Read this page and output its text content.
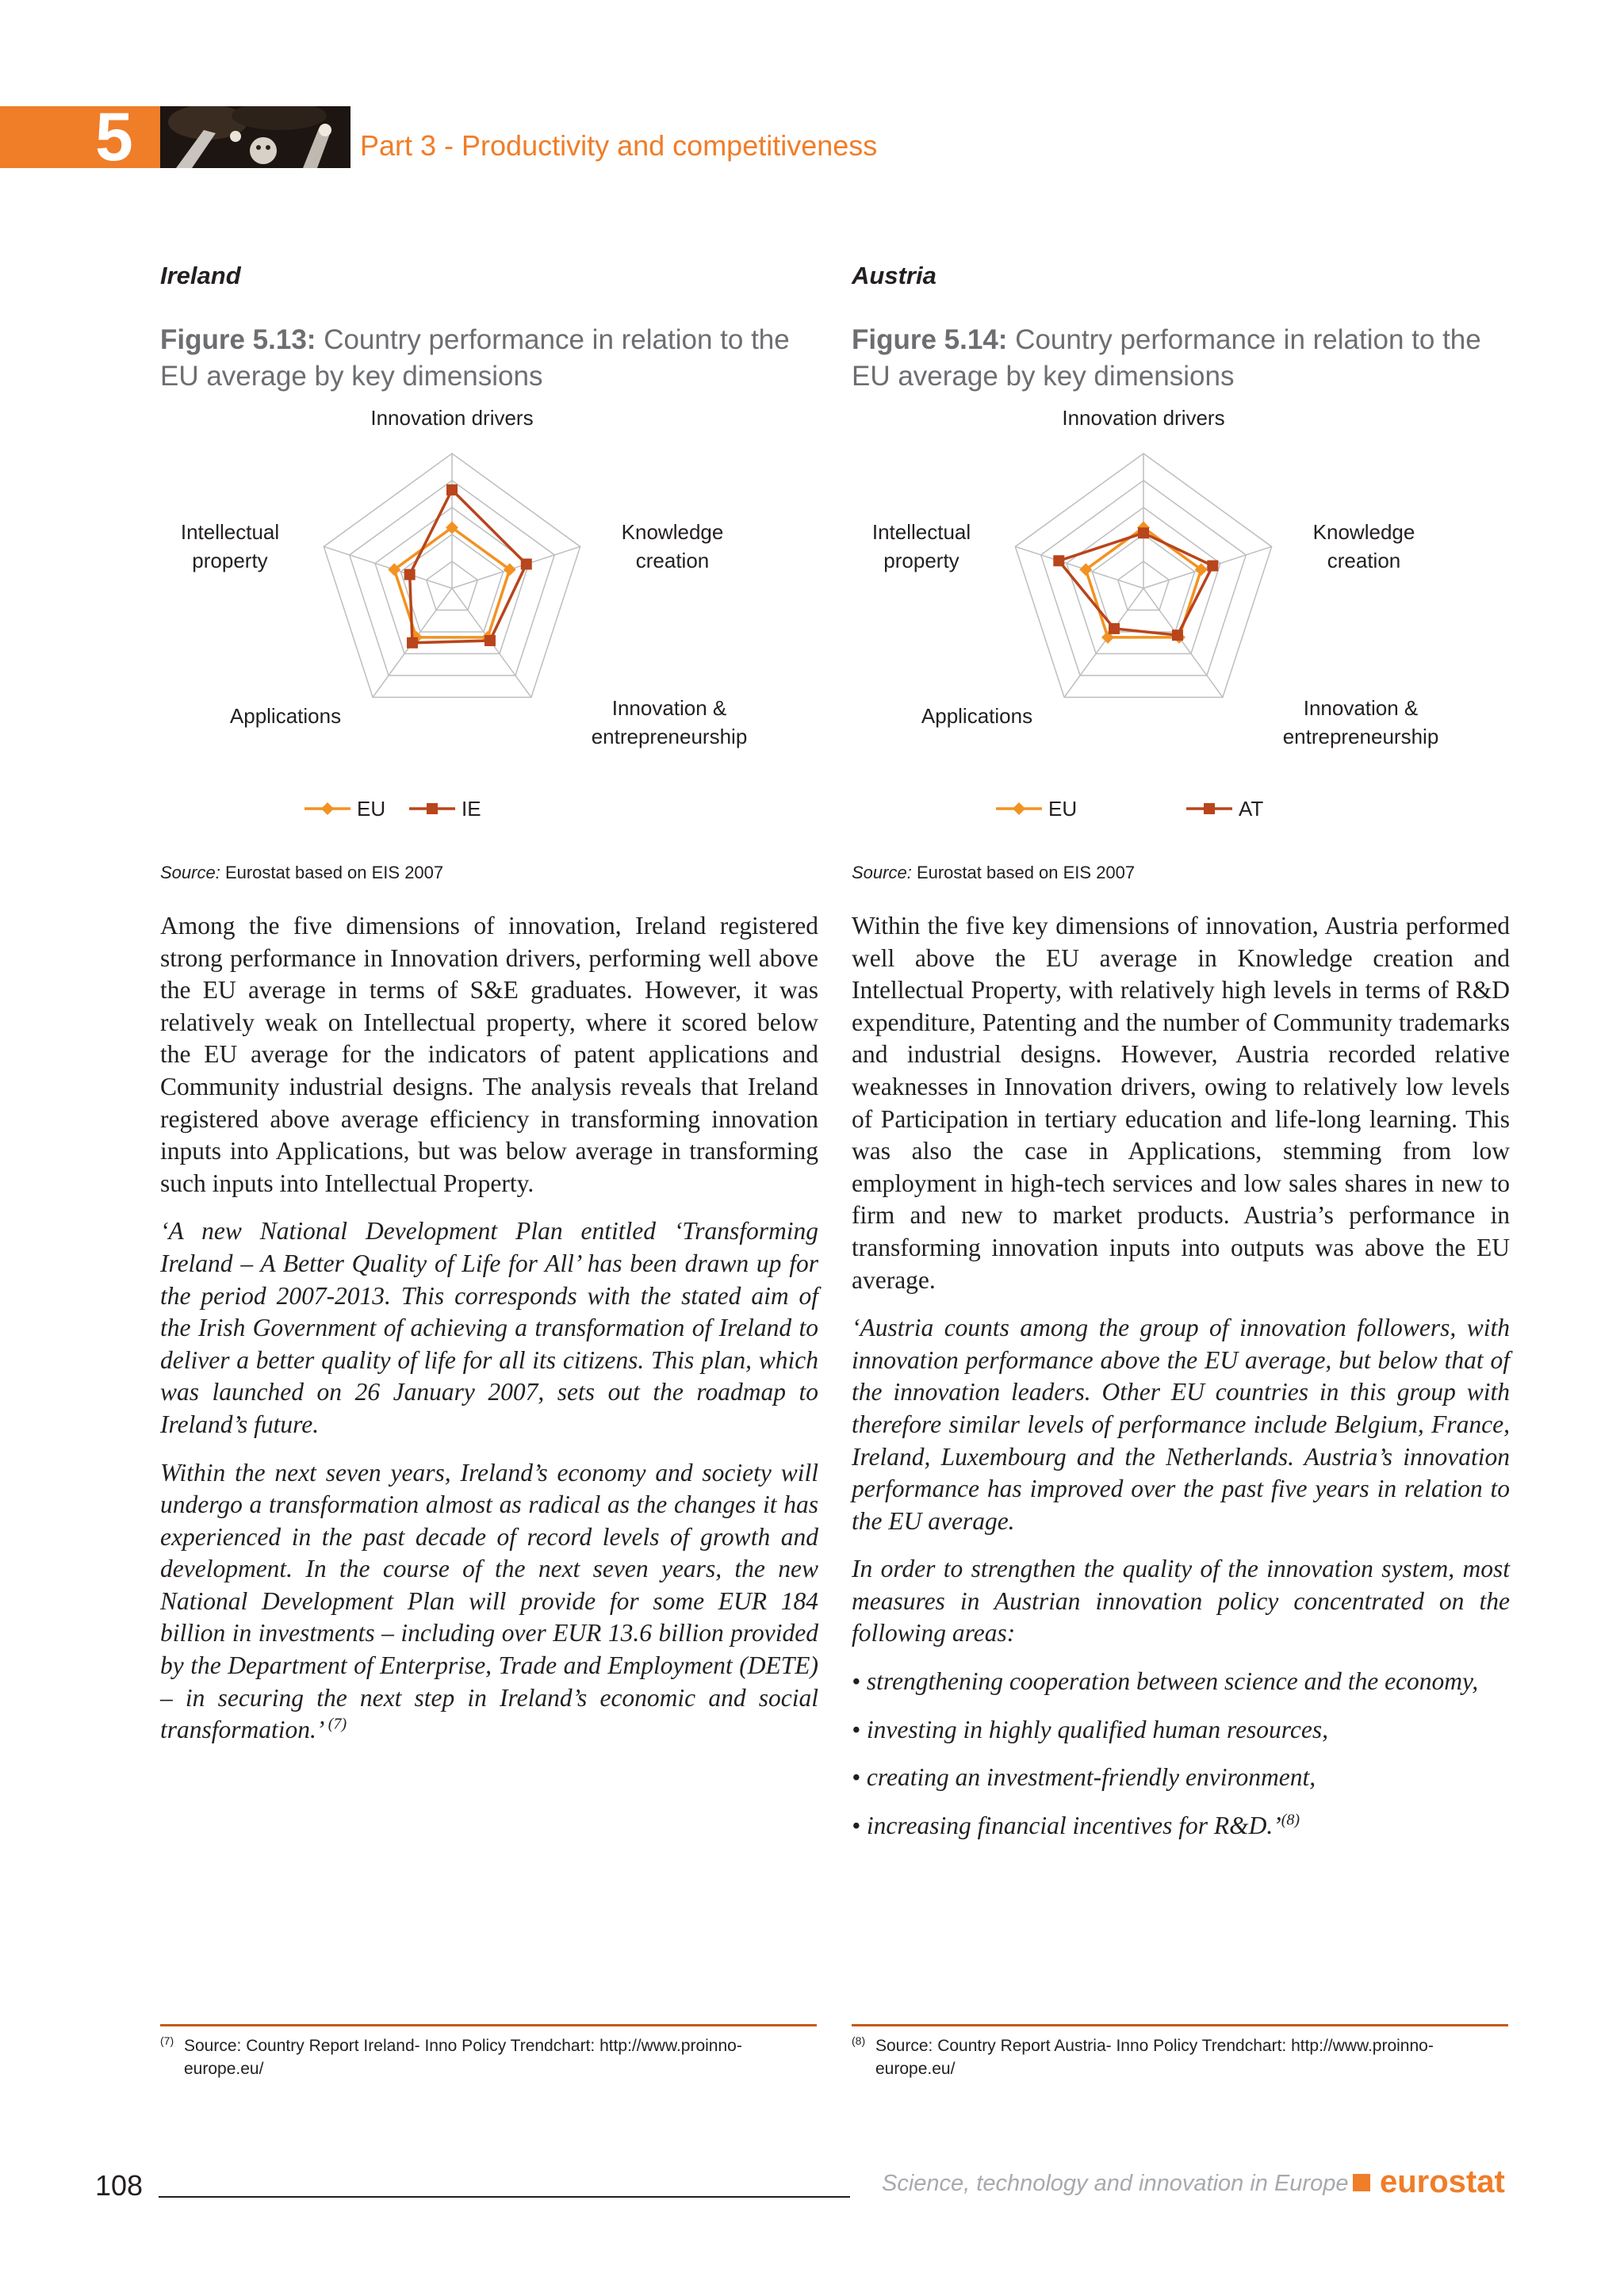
5	Part 3 - Productivity and competitiveness
Ireland
Figure 5.13: Country performance in relation to the EU average by key dimensions
Innovation drivers
Knowledge creation
Innovation & entrepreneurship
Applications
Intellectual property
EU	IE
Source: Eurostat based on EIS 2007
Among the five dimensions of innovation, Ireland registered strong performance in Innovation drivers, performing well above the EU average in terms of S&E graduates. However, it was relatively weak on Intellectual property, where it scored below the EU average for the indicators of patent applications and Community industrial designs. The analysis reveals that Ireland registered above average efficiency in transforming innovation inputs into Applications, but was below average in transforming such inputs into Intellectual Property.
‘A new National Development Plan entitled ‘Transforming Ireland – A Better Quality of Life for All’ has been drawn up for the period 2007-2013. This corresponds with the stated aim of the Irish Government of achieving a transformation of Ireland to deliver a better quality of life for all its citizens. This plan, which was launched on 26 January 2007, sets out the roadmap to Ireland’s future.
Within the next seven years, Ireland’s economy and society will undergo a transformation almost as radical as the changes it has experienced in the past decade of record levels of growth and development. In the course of the next seven years, the new National Development Plan will provide for some EUR 184 billion in investments – including over EUR 13.6 billion provided by the Department of Enterprise, Trade and Employment (DETE) – in securing the next step in Ireland’s economic and social transformation.’ $^{(7)}$
Austria
Figure 5.14: Country performance in relation to the EU average by key dimensions
Innovation drivers
Knowledge creation
Innovation & entrepreneurship
Applications
Intellectual property
EU	AT
Source: Eurostat based on EIS 2007
Within the five key dimensions of innovation, Austria performed well above the EU average in Knowledge creation and Intellectual Property, with relatively high levels in terms of R&D expenditure, Patenting and the number of Community trademarks and industrial designs. However, Austria recorded relative weaknesses in Innovation drivers, owing to relatively low levels of Participation in tertiary education and life-long learning. This was also the case in Applications, stemming from low employment in high-tech services and low sales shares in new to firm and new to market products. Austria’s performance in transforming innovation inputs into outputs was above the EU average.
‘Austria counts among the group of innovation followers, with innovation performance above the EU average, but below that of the innovation leaders. Other EU countries in this group with therefore similar levels of performance include Belgium, France, Ireland, Luxembourg and the Netherlands. Austria’s innovation performance has improved over the past five years in relation to the EU average.
In order to strengthen the quality of the innovation system, most measures in Austrian innovation policy concentrated on the following areas:
• strengthening cooperation between science and the economy,
• investing in highly qualified human resources,
• creating an investment-friendly environment,
• increasing financial incentives for R&D.’$^{(8)}$
(7) Source: Country Report Ireland- Inno Policy Trendchart: http://www.proinno-europe.eu/
(8) Source: Country Report Austria- Inno Policy Trendchart: http://www.proinno-europe.eu/
108	Science, technology and innovation in Europe eurostat
